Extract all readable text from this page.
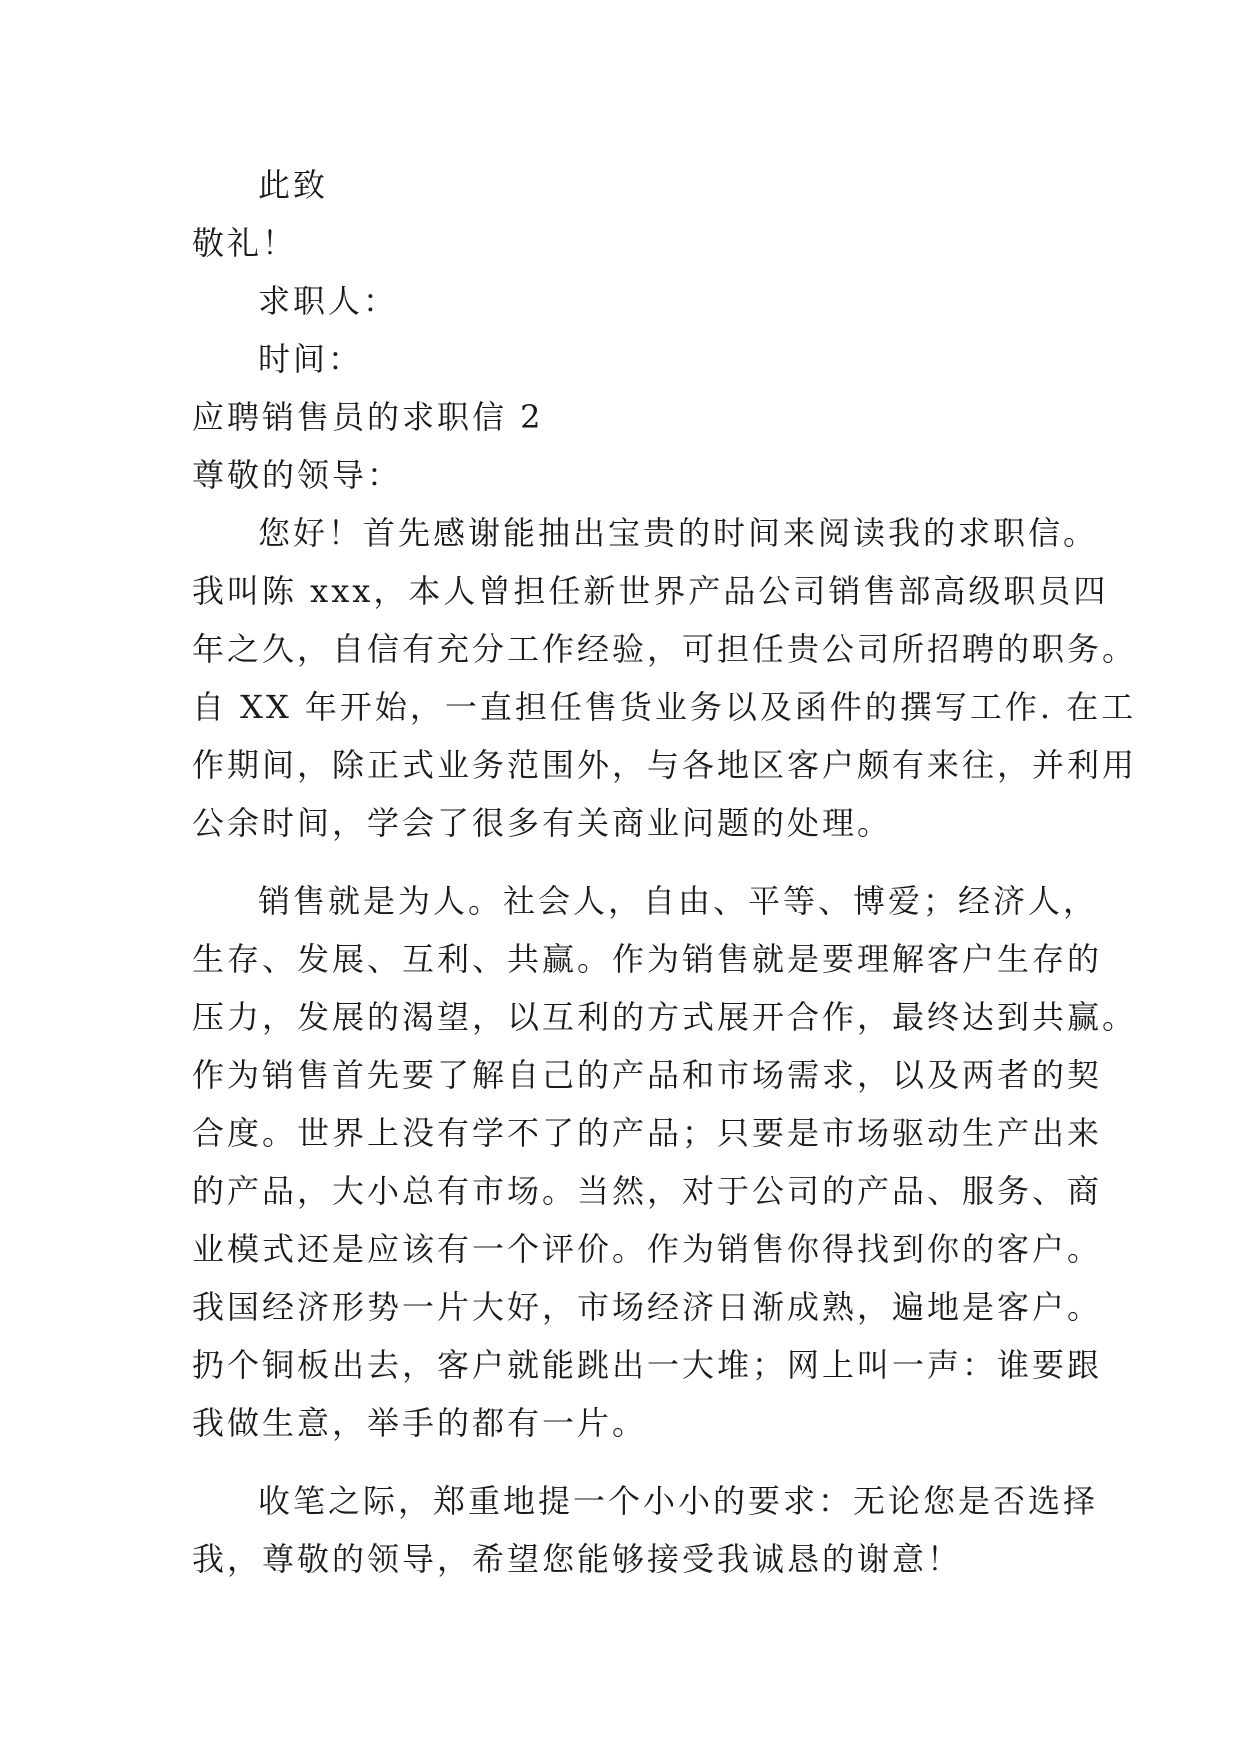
此致
敬礼！
求职人：
时间：
应聘销售员的求职信 2
尊敬的领导：
您好！首先感谢能抽出宝贵的时间来阅读我的求职信。
我叫陈 xxx，本人曾担任新世界产品公司销售部高级职员四
年之久，自信有充分工作经验，可担任贵公司所招聘的职务。
自 XX 年开始，一直担任售货业务以及函件的撰写工作. 在工
作期间，除正式业务范围外，与各地区客户颇有来往，并利用
公余时间，学会了很多有关商业问题的处理。
销售就是为人。社会人，自由、平等、博爱；经济人，
生存、发展、互利、共赢。作为销售就是要理解客户生存的
压力，发展的渴望，以互利的方式展开合作，最终达到共赢。
作为销售首先要了解自己的产品和市场需求，以及两者的契
合度。世界上没有学不了的产品；只要是市场驱动生产出来
的产品，大小总有市场。当然，对于公司的产品、服务、商
业模式还是应该有一个评价。作为销售你得找到你的客户。
我国经济形势一片大好，市场经济日渐成熟，遍地是客户。
扔个铜板出去，客户就能跳出一大堆；网上叫一声：谁要跟
我做生意，举手的都有一片。
收笔之际，郑重地提一个小小的要求：无论您是否选择
我，尊敬的领导，希望您能够接受我诚恳的谢意！
